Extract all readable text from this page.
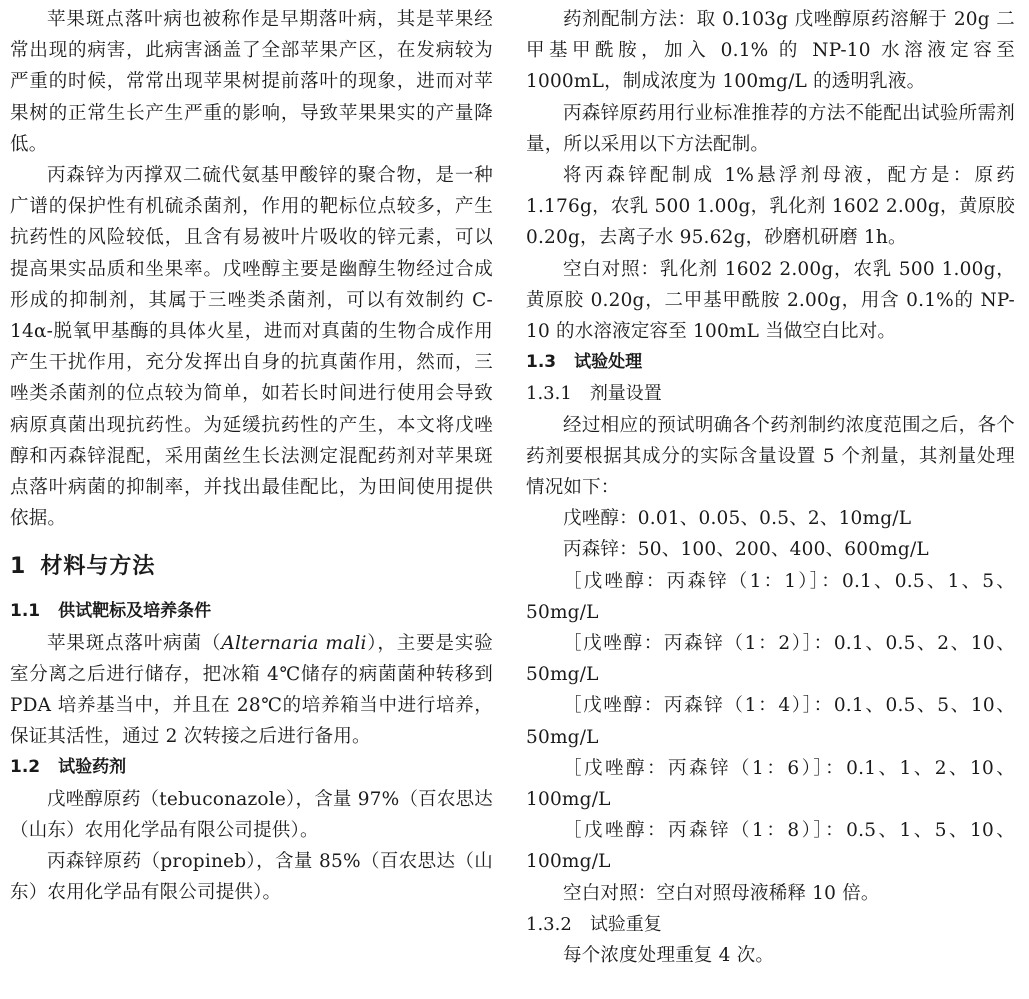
苹果斑点落叶病也被称作是早期落叶病，其是苹果经常出现的病害，此病害涵盖了全部苹果产区，在发病较为严重的时候，常常出现苹果树提前落叶的现象，进而对苹果树的正常生长产生严重的影响，导致苹果果实的产量降低。

丙森锌为丙撑双二硫代氨基甲酸锌的聚合物，是一种广谱的保护性有机硫杀菌剂，作用的靶标位点较多，产生抗药性的风险较低，且含有易被叶片吸收的锌元素，可以提高果实品质和坐果率。戊唑醇主要是幽醇生物经过合成形成的抑制剂，其属于三唑类杀菌剂，可以有效制约 C-14α-脱氧甲基酶的具体火星，进而对真菌的生物合成作用产生干扰作用，充分发挥出自身的抗真菌作用，然而，三唑类杀菌剂的位点较为简单，如若长时间进行使用会导致病原真菌出现抗药性。为延缓抗药性的产生，本文将戊唑醇和丙森锌混配，采用菌丝生长法测定混配药剂对苹果斑点落叶病菌的抑制率，并找出最佳配比，为田间使用提供依据。

1 材料与方法
1.1 供试靶标及培养条件

苹果斑点落叶病菌（Alternaria mali），主要是实验室分离之后进行储存，把冰箱 4℃储存的病菌菌种转移到 PDA 培养基当中，并且在 28℃的培养箱当中进行培养，保证其活性，通过 2 次转接之后进行备用。

1.2 试验药剂

戊唑醇原药（tebuconazole），含量 97%（百农思达（山东）农用化学品有限公司提供）。

丙森锌原药（propineb），含量 85%（百农思达（山东）农用化学品有限公司提供）。

药剂配制方法：取 0.103g 戊唑醇原药溶解于 20g 二甲基甲酰胺，加入 0.1% 的 NP-10 水溶液定容至 1000mL，制成浓度为 100mg/L 的透明乳液。

丙森锌原药用行业标准推荐的方法不能配出试验所需剂量，所以采用以下方法配制。

将丙森锌配制成 1%悬浮剂母液，配方是：原药 1.176g，农乳 500 1.00g，乳化剂 1602 2.00g，黄原胶 0.20g，去离子水 95.62g，砂磨机研磨 1h。

空白对照：乳化剂 1602 2.00g，农乳 500 1.00g，黄原胶 0.20g，二甲基甲酰胺 2.00g，用含 0.1%的 NP-10 的水溶液定容至 100mL 当做空白比对。

1.3 试验处理
1.3.1 剂量设置

经过相应的预试明确各个药剂制约浓度范围之后，各个药剂要根据其成分的实际含量设置 5 个剂量，其剂量处理情况如下：

戊唑醇：0.01、0.05、0.5、2、10mg/L

丙森锌：50、100、200、400、600mg/L

［戊唑醇：丙森锌（1：1）］：0.1、0.5、1、5、50mg/L

［戊唑醇：丙森锌（1：2）］：0.1、0.5、2、10、50mg/L

［戊唑醇：丙森锌（1：4）］：0.1、0.5、5、10、50mg/L

［戊唑醇：丙森锌（1：6）］：0.1、1、2、10、100mg/L

［戊唑醇：丙森锌（1：8）］：0.5、1、5、10、100mg/L

空白对照：空白对照母液稀释 10 倍。

1.3.2 试验重复

每个浓度处理重复 4 次。
